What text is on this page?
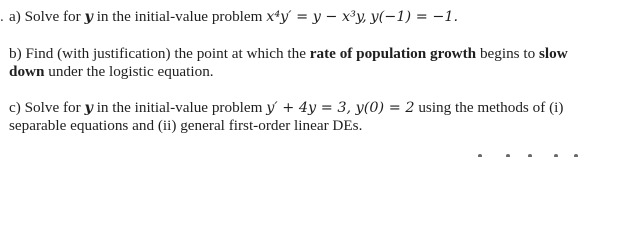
. a) Solve for y in the initial-value problem x⁴y′ = y − x³y, y(−1) = −1.
b) Find (with justification) the point at which the rate of population growth begins to slow
down under the logistic equation.
c) Solve for y in the initial-value problem y′ + 4y = 3, y(0) = 2 using the methods of (i)
separable equations and (ii) general first-order linear DEs.
